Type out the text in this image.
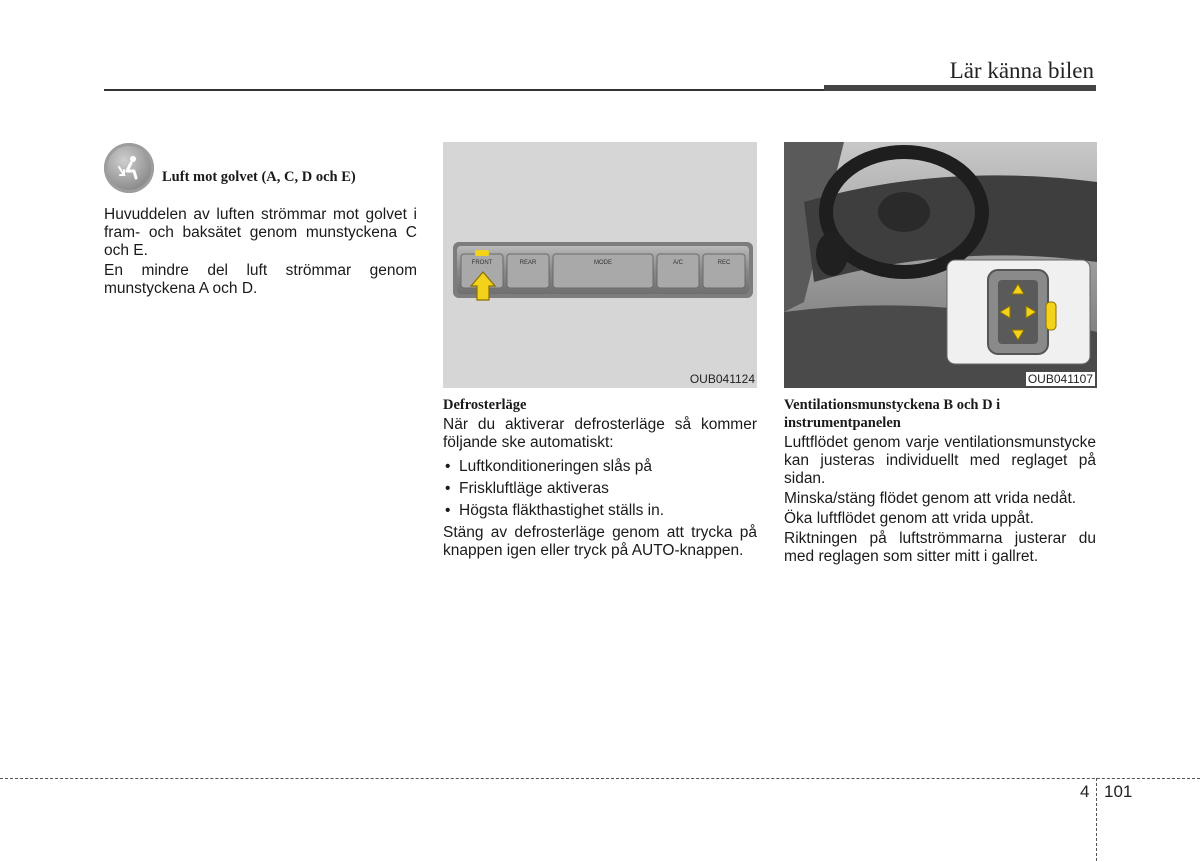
Lär känna bilen
Luft mot golvet (A, C, D och E)

Huvuddelen av luften strömmar mot golvet i fram- och baksätet genom munstyckena C och E.

En mindre del luft strömmar genom munstyckena A och D.

FRONT	REAR	MODE	A/C	REC
OUB041124
Defrosterläge

När du aktiverar defrosterläge så kommer följande ske automatiskt:

• Luftkonditioneringen slås på
• Friskluftläge aktiveras
• Högsta fläkthastighet ställs in.

Stäng av defrosterläge genom att trycka på knappen igen eller tryck på AUTO-knappen.

OUB041107
Ventilationsmunstyckena B och D i instrumentpanelen

Luftflödet genom varje ventilationsmunstycke kan justeras individuellt med reglaget på sidan.

Minska/stäng flödet genom att vrida nedåt.

Öka luftflödet genom att vrida uppåt.

Riktningen på luftströmmarna justerar du med reglagen som sitter mitt i gallret.

4 101
